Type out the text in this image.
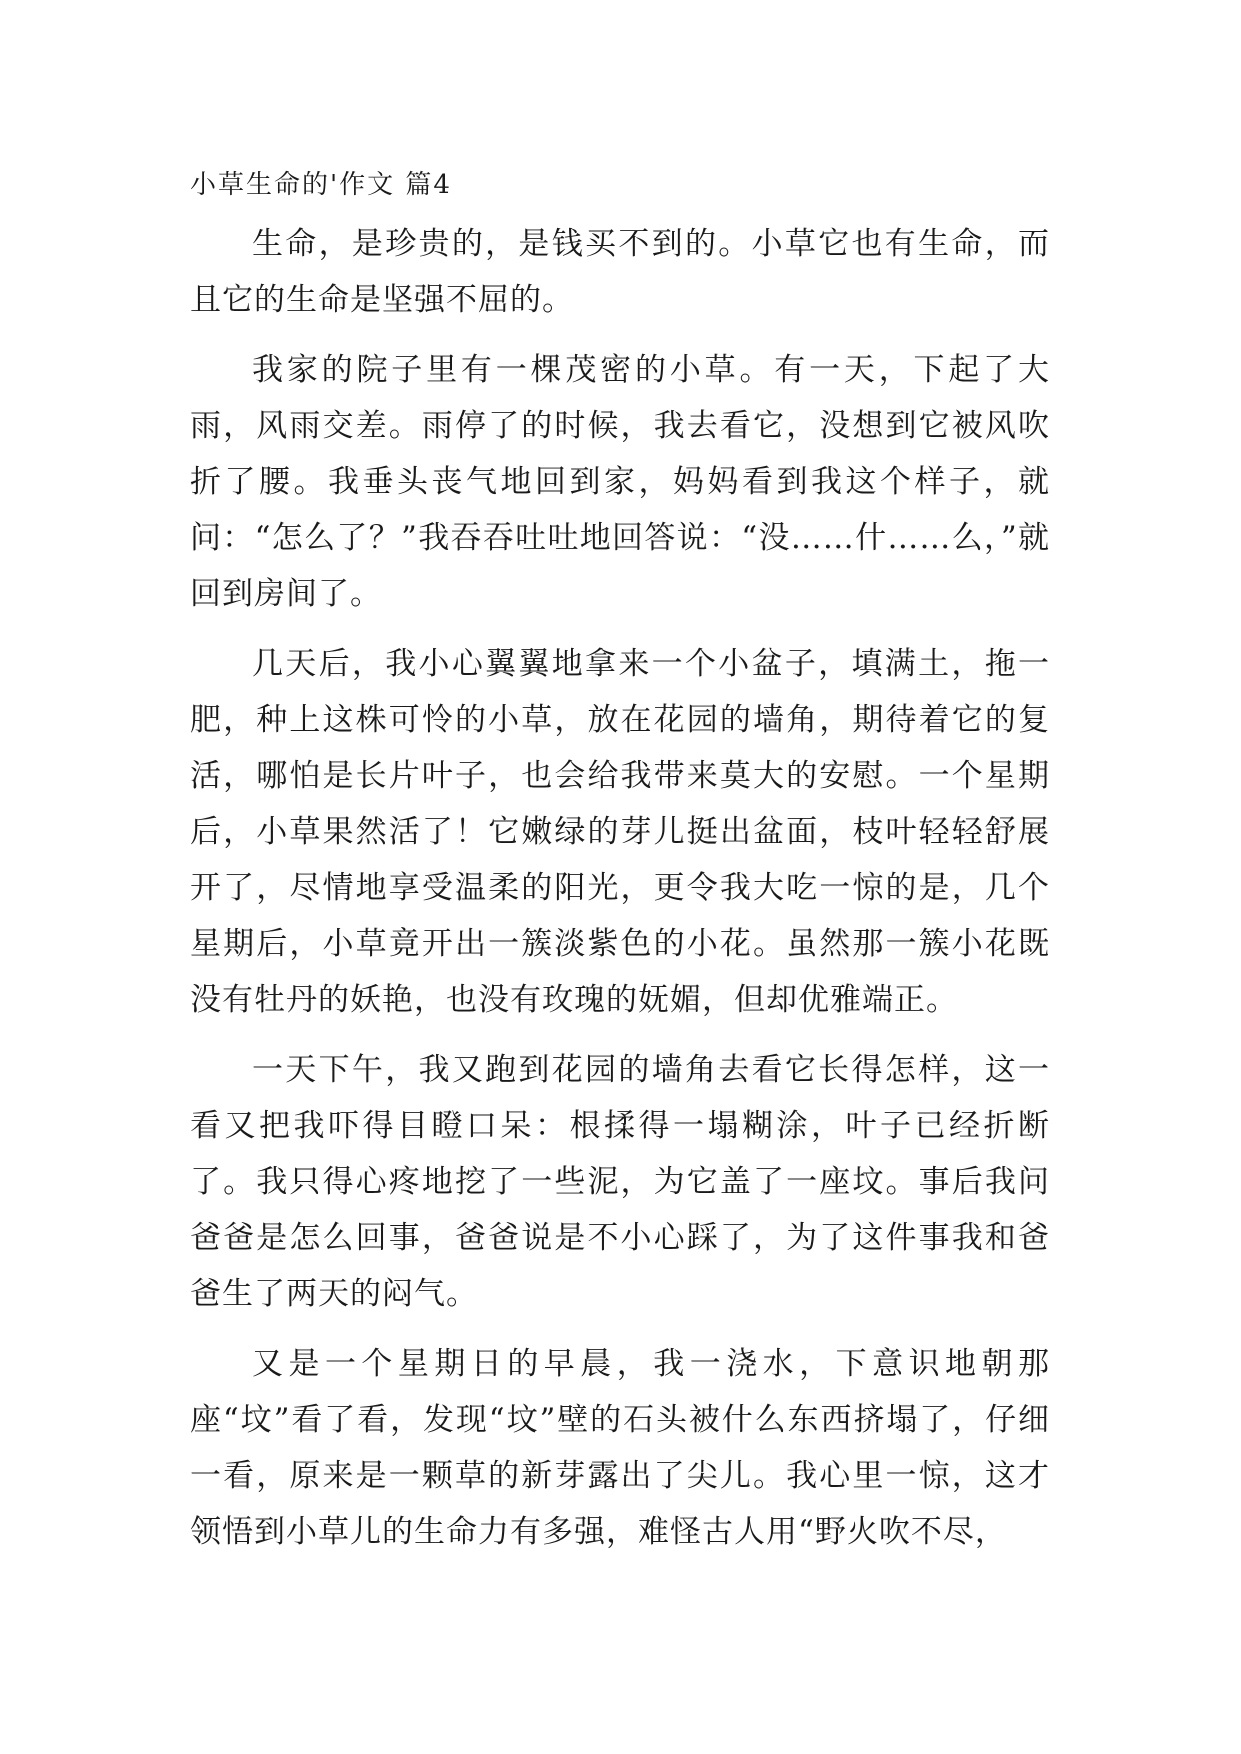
小草生命的'作文 篇4

生命，是珍贵的，是钱买不到的。小草它也有生命，而且它的生命是坚强不屈的。

我家的院子里有一棵茂密的小草。有一天，下起了大雨，风雨交差。雨停了的时候，我去看它，没想到它被风吹折了腰。我垂头丧气地回到家，妈妈看到我这个样子，就问：“怎么了？”我吞吞吐吐地回答说：“没……什……么，”就回到房间了。

几天后，我小心翼翼地拿来一个小盆子，填满土，拖一肥，种上这株可怜的小草，放在花园的墙角，期待着它的复活，哪怕是长片叶子，也会给我带来莫大的安慰。一个星期后，小草果然活了！它嫩绿的芽儿挺出盆面，枝叶轻轻舒展开了，尽情地享受温柔的阳光，更令我大吃一惊的是，几个星期后，小草竟开出一簇淡紫色的小花。虽然那一簇小花既没有牡丹的妖艳，也没有玫瑰的妩媚，但却优雅端正。

一天下午，我又跑到花园的墙角去看它长得怎样，这一看又把我吓得目瞪口呆：根揉得一塌糊涂，叶子已经折断了。我只得心疼地挖了一些泥，为它盖了一座坟。事后我问爸爸是怎么回事，爸爸说是不小心踩了，为了这件事我和爸爸生了两天的闷气。

又是一个星期日的早晨，我一浇水，下意识地朝那座“坟”看了看，发现“坟”壁的石头被什么东西挤塌了，仔细一看，原来是一颗草的新芽露出了尖儿。我心里一惊，这才领悟到小草儿的生命力有多强，难怪古人用“野火吹不尽，
